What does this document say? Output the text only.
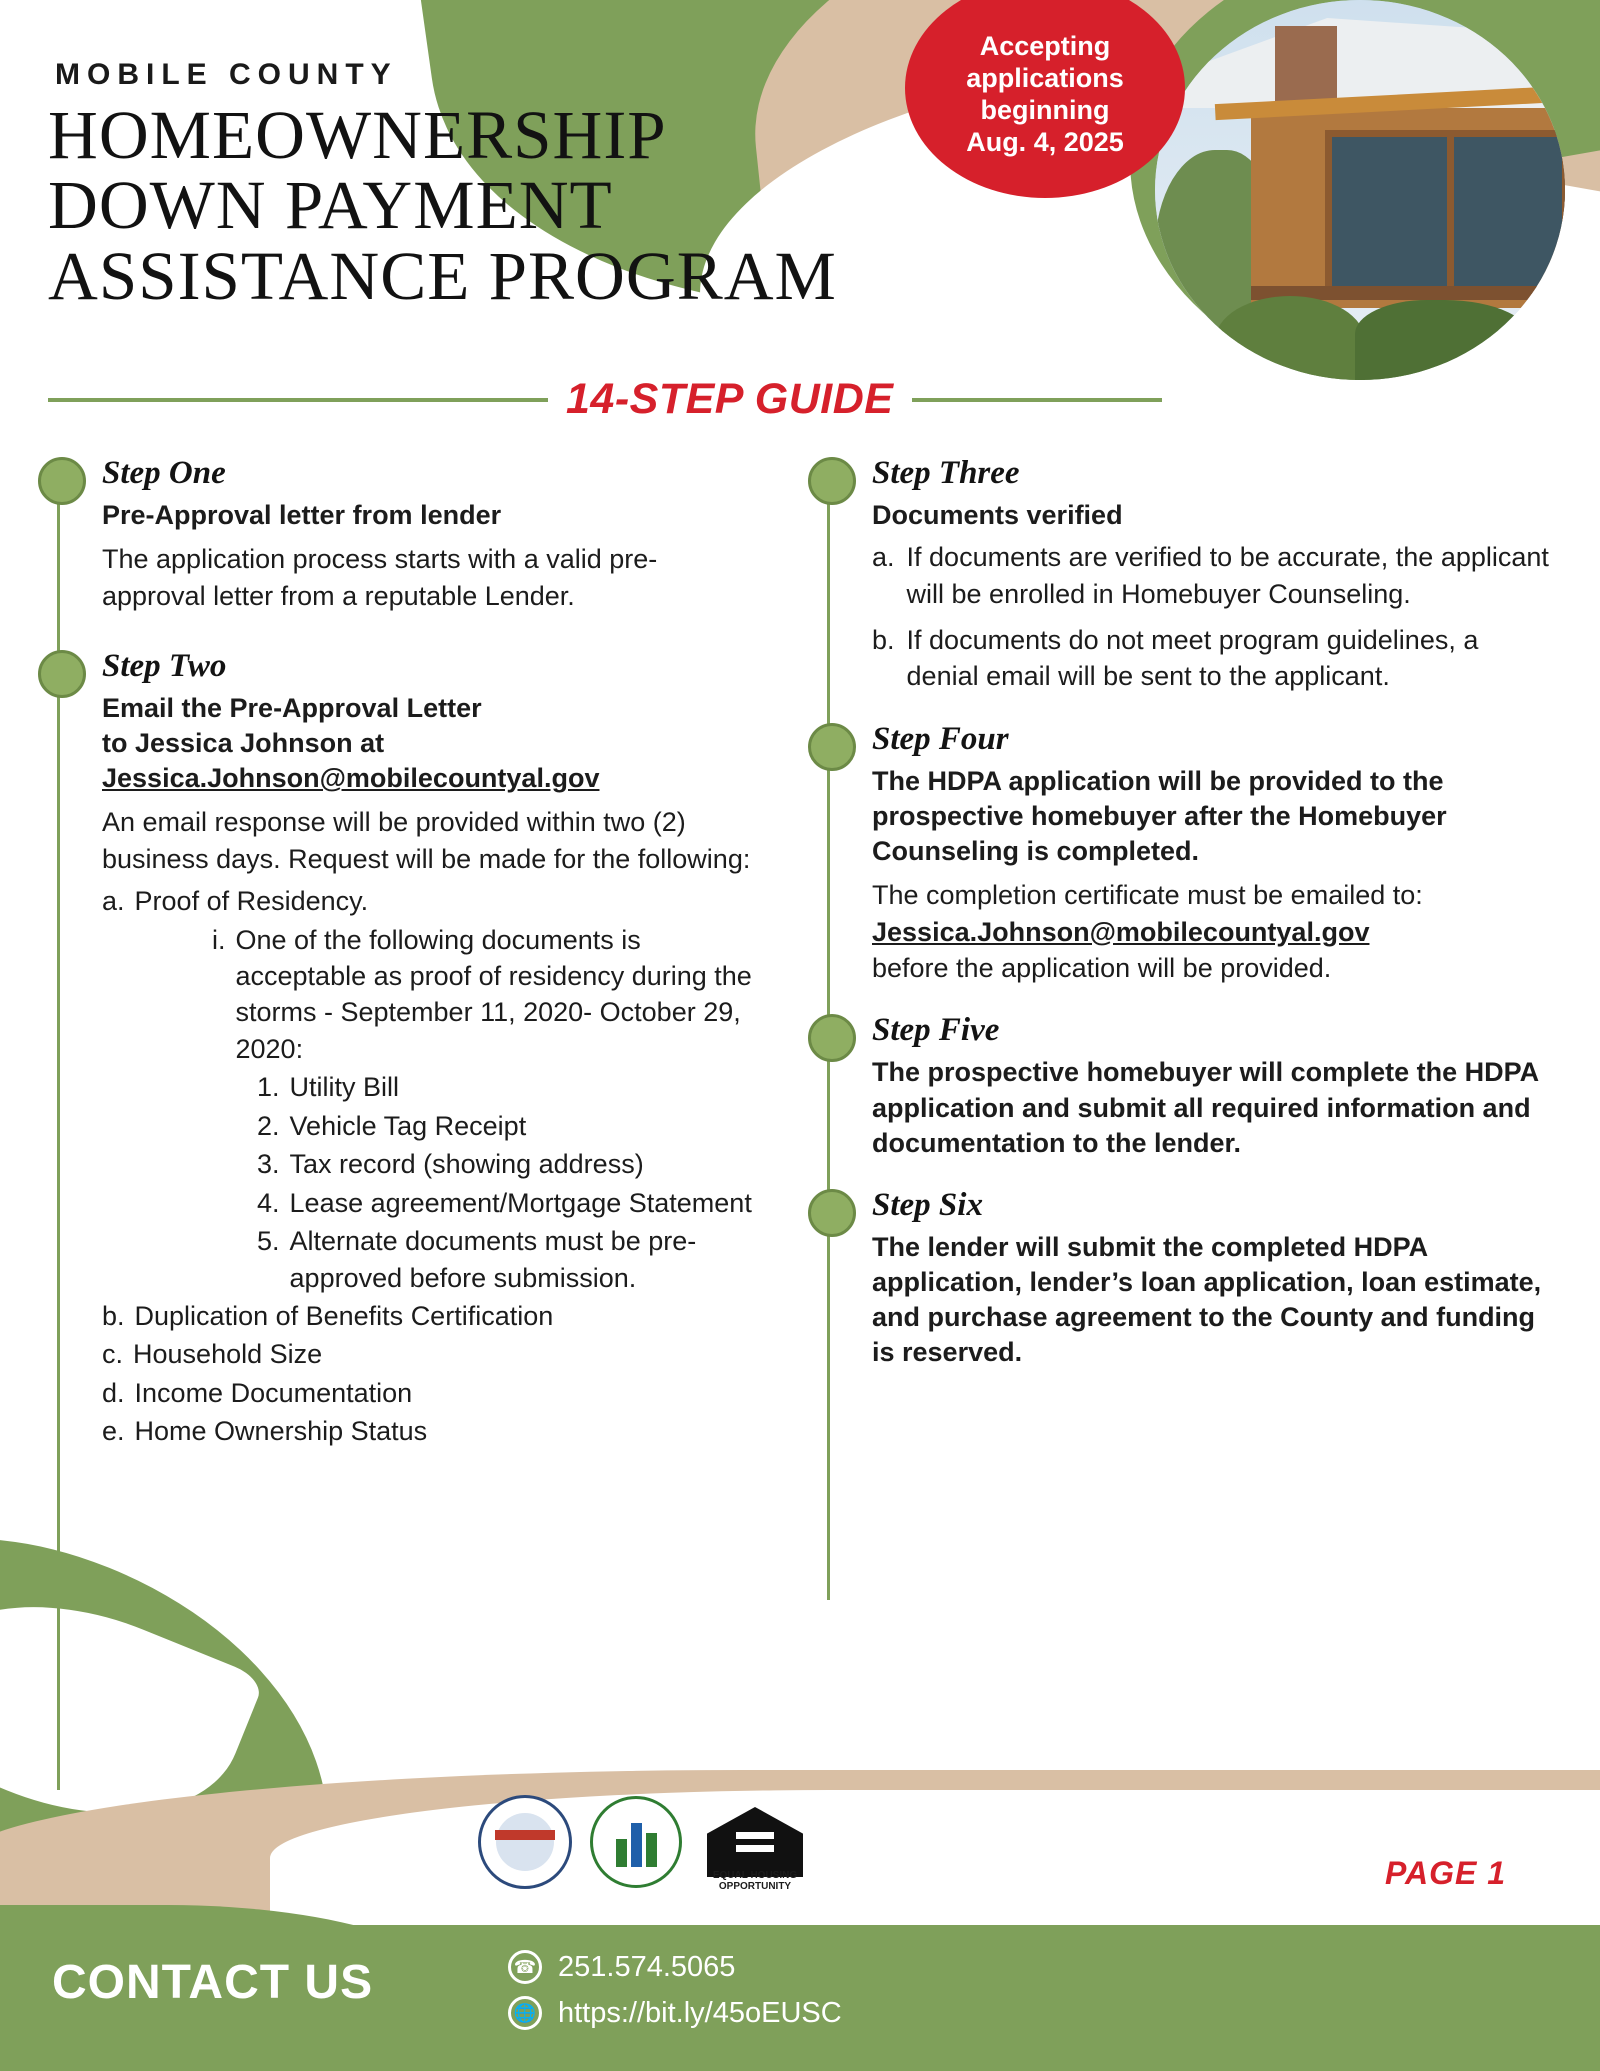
MOBILE COUNTY
HOMEOWNERSHIP
DOWN PAYMENT
ASSISTANCE PROGRAM
14-STEP GUIDE
Accepting
applications
beginning
Aug. 4, 2025
Step One
Pre-Approval letter from lender
The application process starts with a valid pre-approval letter from a reputable Lender.
Step Two
Email the Pre-Approval Letter
to Jessica Johnson at
Jessica.Johnson@mobilecountyal.gov
An email response will be provided within two (2) business days. Request will be made for the following:
a. Proof of Residency.
i. One of the following documents is acceptable as proof of residency during the storms - September 11, 2020- October 29, 2020:
1. Utility Bill
2. Vehicle Tag Receipt
3. Tax record (showing address)
4. Lease agreement/Mortgage Statement
5. Alternate documents must be pre-approved before submission.
b. Duplication of Benefits Certification
c. Household Size
d. Income Documentation
e. Home Ownership Status
Step Three
Documents verified
a. If documents are verified to be accurate, the applicant will be enrolled in Homebuyer Counseling.
b. If documents do not meet program guidelines, a denial email will be sent to the applicant.
Step Four
The HDPA application will be provided to the prospective homebuyer after the Homebuyer Counseling is completed.
The completion certificate must be emailed to:
Jessica.Johnson@mobilecountyal.gov
before the application will be provided.
Step Five
The prospective homebuyer will complete the HDPA application and submit all required information and documentation to the lender.
Step Six
The lender will submit the completed HDPA application, lender’s loan application, loan estimate, and purchase agreement to the County and funding is reserved.
EQUAL HOUSING OPPORTUNITY	PAGE 1
CONTACT US	☎ 251.574.5065
🌐 https://bit.ly/45oEUSC
